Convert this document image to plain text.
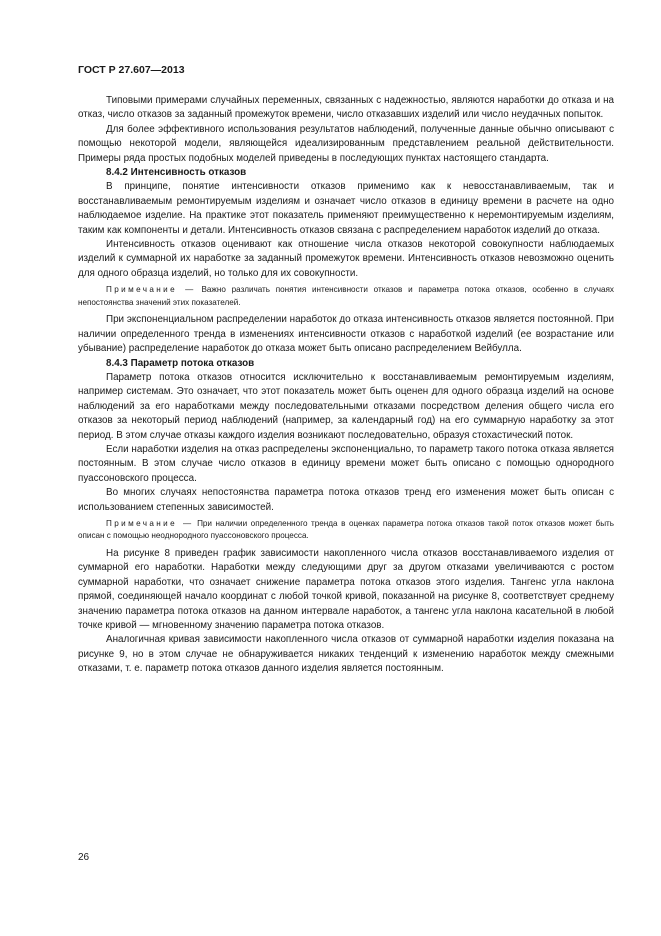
ГОСТ Р 27.607—2013

Типовыми примерами случайных переменных, связанных с надежностью, являются наработки до отказа и на отказ, число отказов за заданный промежуток времени, число отказавших изделий или число неудачных попыток.

Для более эффективного использования результатов наблюдений, полученные данные обычно описывают с помощью некоторой модели, являющейся идеализированным представлением реальной действительности. Примеры ряда простых подобных моделей приведены в последующих пунктах настоящего стандарта.

8.4.2 Интенсивность отказов

В принципе, понятие интенсивности отказов применимо как к невосстанавливаемым, так и восстанавливаемым ремонтируемым изделиям и означает число отказов в единицу времени в расчете на одно наблюдаемое изделие. На практике этот показатель применяют преимущественно к неремонтируемым изделиям, таким как компоненты и детали. Интенсивность отказов связана с распределением наработок изделий до отказа.

Интенсивность отказов оценивают как отношение числа отказов некоторой совокупности наблюдаемых изделий к суммарной их наработке за заданный промежуток времени. Интенсивность отказов невозможно оценить для одного образца изделий, но только для их совокупности.

Примечание — Важно различать понятия интенсивности отказов и параметра потока отказов, особенно в случаях непостоянства значений этих показателей.

При экспоненциальном распределении наработок до отказа интенсивность отказов является постоянной. При наличии определенного тренда в изменениях интенсивности отказов с наработкой изделий (ее возрастание или убывание) распределение наработок до отказа может быть описано распределением Вейбулла.

8.4.3 Параметр потока отказов

Параметр потока отказов относится исключительно к восстанавливаемым ремонтируемым изделиям, например системам. Это означает, что этот показатель может быть оценен для одного образца изделий на основе наблюдений за его наработками между последовательными отказами посредством деления общего числа его отказов за некоторый период наблюдений (например, за календарный год) на его суммарную наработку за этот период. В этом случае отказы каждого изделия возникают последовательно, образуя стохастический поток.

Если наработки изделия на отказ распределены экспоненциально, то параметр такого потока отказа является постоянным. В этом случае число отказов в единицу времени может быть описано с помощью однородного пуассоновского процесса.

Во многих случаях непостоянства параметра потока отказов тренд его изменения может быть описан с использованием степенных зависимостей.

Примечание — При наличии определенного тренда в оценках параметра потока отказов такой поток отказов может быть описан с помощью неоднородного пуассоновского процесса.

На рисунке 8 приведен график зависимости накопленного числа отказов восстанавливаемого изделия от суммарной его наработки. Наработки между следующими друг за другом отказами увеличиваются с ростом суммарной наработки, что означает снижение параметра потока отказов этого изделия. Тангенс угла наклона прямой, соединяющей начало координат с любой точкой кривой, показанной на рисунке 8, соответствует среднему значению параметра потока отказов на данном интервале наработок, а тангенс угла наклона касательной в любой точке кривой — мгновенному значению параметра потока отказов.

Аналогичная кривая зависимости накопленного числа отказов от суммарной наработки изделия показана на рисунке 9, но в этом случае не обнаруживается никаких тенденций к изменению наработок между смежными отказами, т. е. параметр потока отказов данного изделия является постоянным.

26
